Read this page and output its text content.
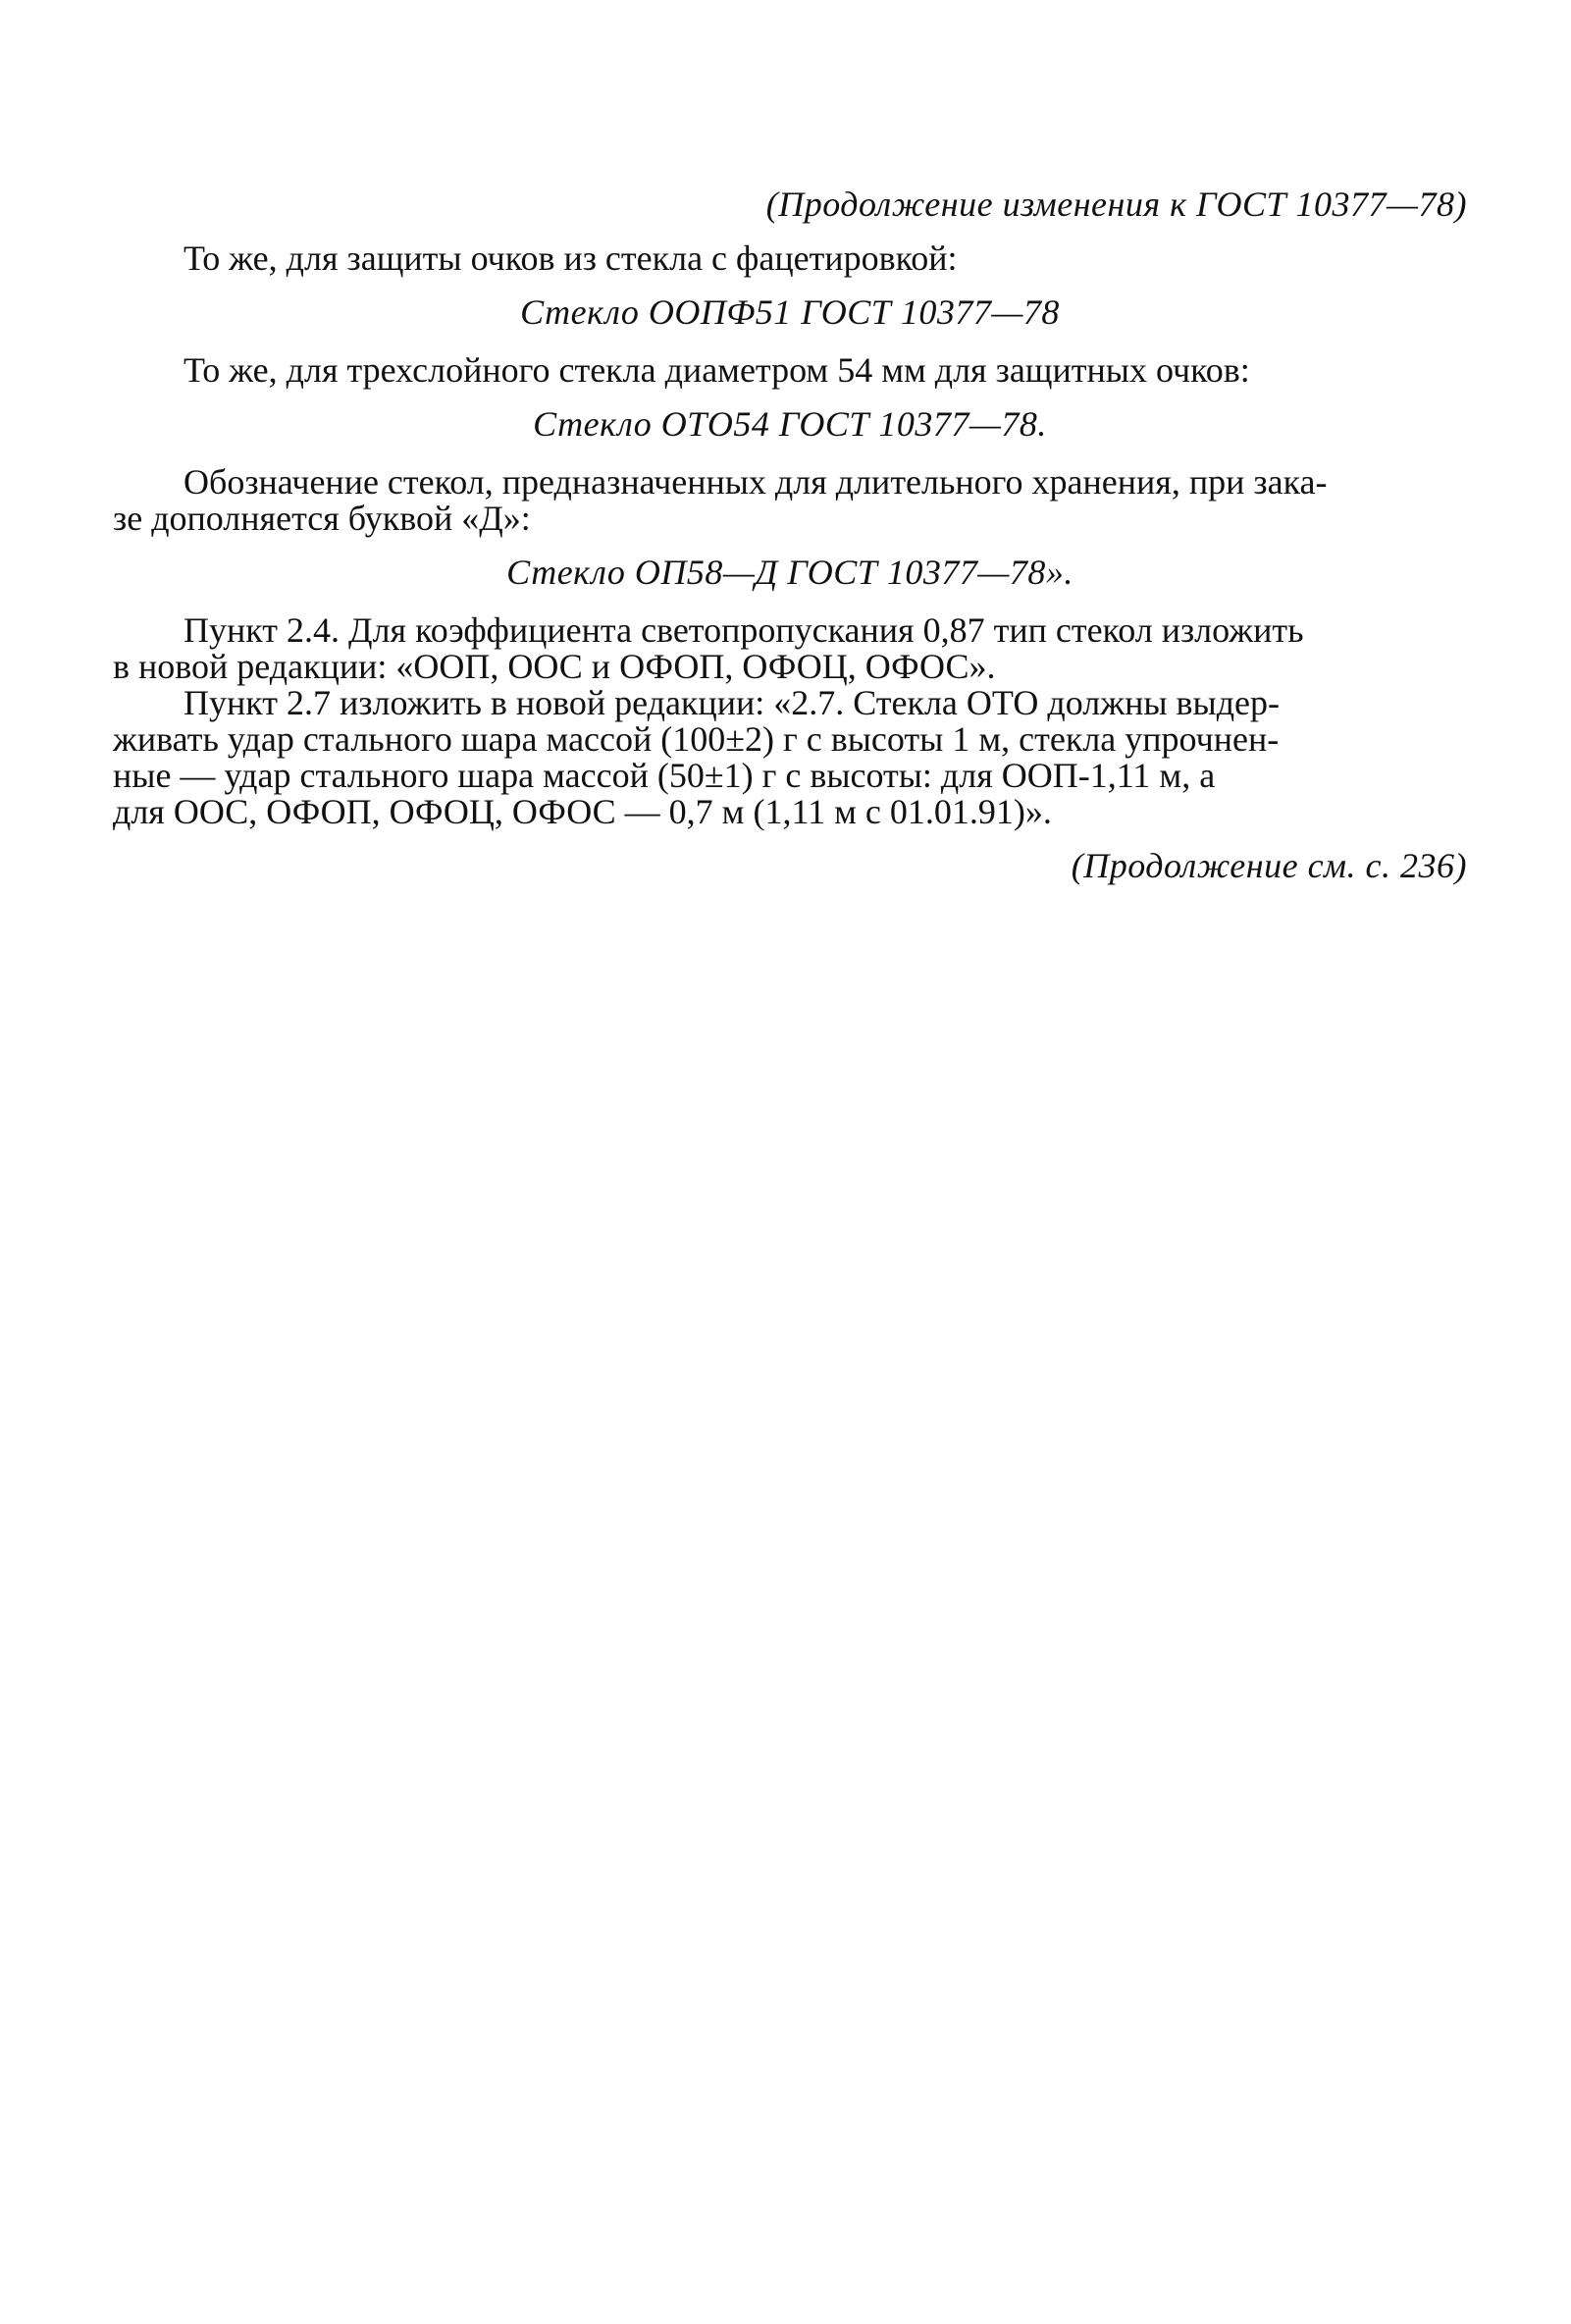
(Продолжение изменения к ГОСТ 10377—78)
То же, для защиты очков из стекла с фацетировкой:
Стекло ООПФ51 ГОСТ 10377—78
То же, для трехслойного стекла диаметром 54 мм для защитных очков:
Стекло ОТО54 ГОСТ 10377—78.
Обозначение стекол, предназначенных для длительного хранения, при зака-
зе дополняется буквой «Д»:
Стекло ОП58—Д ГОСТ 10377—78».
Пункт 2.4. Для коэффициента светопропускания 0,87 тип стекол изложить
в новой редакции: «ООП, ООС и ОФОП, ОФОЦ, ОФОС».
Пункт 2.7 изложить в новой редакции: «2.7. Стекла ОТО должны выдер-
живать удар стального шара массой (100±2) г с высоты 1 м, стекла упрочнен-
ные — удар стального шара массой (50±1) г с высоты: для ООП-1,11 м, а
для ООС, ОФОП, ОФОЦ, ОФОС — 0,7 м (1,11 м с 01.01.91)».
(Продолжение см. с. 236)
